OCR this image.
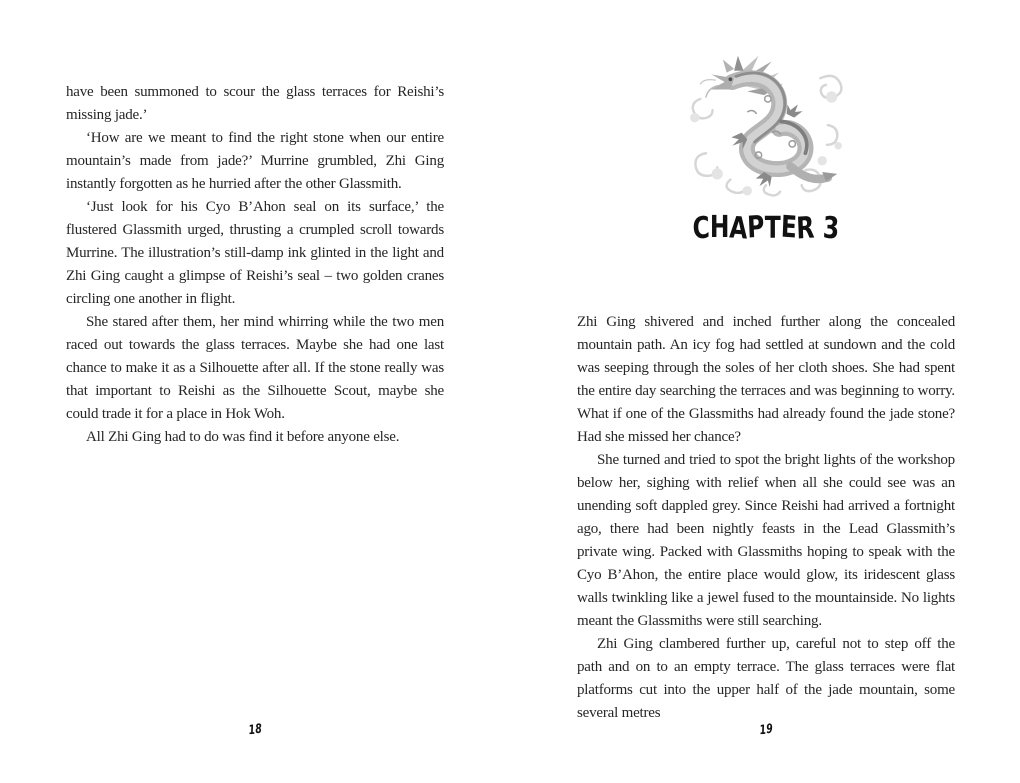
have been summoned to scour the glass terraces for Reishi’s missing jade.’

‘How are we meant to find the right stone when our entire mountain’s made from jade?’ Murrine grumbled, Zhi Ging instantly forgotten as he hurried after the other Glassmith.

‘Just look for his Cyo B’Ahon seal on its surface,’ the flustered Glassmith urged, thrusting a crumpled scroll towards Murrine. The illustration’s still-damp ink glinted in the light and Zhi Ging caught a glimpse of Reishi’s seal – two golden cranes circling one another in flight.

She stared after them, her mind whirring while the two men raced out towards the glass terraces. Maybe she had one last chance to make it as a Silhouette after all. If the stone really was that important to Reishi as the Silhouette Scout, maybe she could trade it for a place in Hok Woh.

All Zhi Ging had to do was find it before anyone else.

CHAPTER 3

Zhi Ging shivered and inched further along the concealed mountain path. An icy fog had settled at sundown and the cold was seeping through the soles of her cloth shoes. She had spent the entire day searching the terraces and was beginning to worry. What if one of the Glassmiths had already found the jade stone? Had she missed her chance?

She turned and tried to spot the bright lights of the workshop below her, sighing with relief when all she could see was an unending soft dappled grey. Since Reishi had arrived a fortnight ago, there had been nightly feasts in the Lead Glassmith’s private wing. Packed with Glassmiths hoping to speak with the Cyo B’Ahon, the entire place would glow, its iridescent glass walls twinkling like a jewel fused to the mountainside. No lights meant the Glassmiths were still searching.

Zhi Ging clambered further up, careful not to step off the path and on to an empty terrace. The glass terraces were flat platforms cut into the upper half of the jade mountain, some several metres

18	19
